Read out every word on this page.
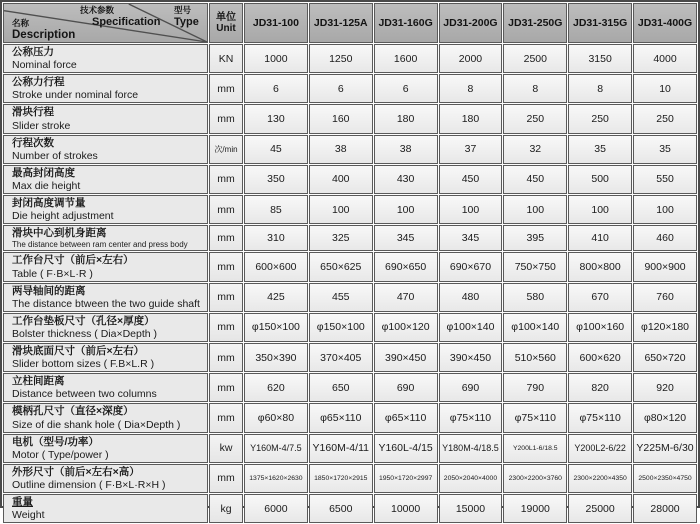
技术参数
Specification
型号
Type
名称
Description

单位
Unit	JD31-100	JD31-125A	JD31-160G	JD31-200G	JD31-250G	JD31-315G	JD31-400G

公称压力
Nominal force	KN	1000	1250	1600	2000	2500	3150	4000

公称力行程
Stroke under nominal force	mm	6	6	6	8	8	8	10

滑块行程
Slider stroke	mm	130	160	180	180	250	250	250

行程次数
Number of strokes	次/min	45	38	38	37	32	35	35

最高封闭高度
Max die height	mm	350	400	430	450	450	500	550

封闭高度调节量
Die height adjustment	mm	85	100	100	100	100	100	100

滑块中心到机身距离
The distance between ram center and press body	mm	310	325	345	345	395	410	460

工作台尺寸（前后×左右）
Table ( F·B×L·R )	mm	600×600	650×625	690×650	690×670	750×750	800×800	900×900

两导轴间的距离
The distance btween the two guide shaft	mm	425	455	470	480	580	670	760

工作台垫板尺寸（孔径×厚度）
Bolster thickness ( Dia×Depth )	mm	φ150×100	φ150×100	φ100×120	φ100×140	φ100×140	φ100×160	φ120×180

滑块底面尺寸（前后×左右）
Slider bottom sizes ( F.B×L.R )	mm	350×390	370×405	390×450	390×450	510×560	600×620	650×720

立柱间距离
Distance between two columns	mm	620	650	690	690	790	820	920

模柄孔尺寸（直径×深度）
Size of die shank hole ( Dia×Depth )	mm	φ60×80	φ65×110	φ65×110	φ75×110	φ75×110	φ75×110	φ80×120

电机（型号/功率）
Motor ( Type/power )	kw	Y160M-4/7.5	Y160M-4/11	Y160L-4/15	Y180M-4/18.5	Y200L1-6/18.5	Y200L2-6/22	Y225M-6/30

外形尺寸（前后×左右×高）
Outline dimension ( F·B×L·R×H )	mm	1375×1620×2630	1850×1720×2915	1950×1720×2997	2050×2040×4000	2300×2200×3760	2300×2200×4350	2500×2350×4750

重量
Weight	kg	6000	6500	10000	15000	19000	25000	28000
